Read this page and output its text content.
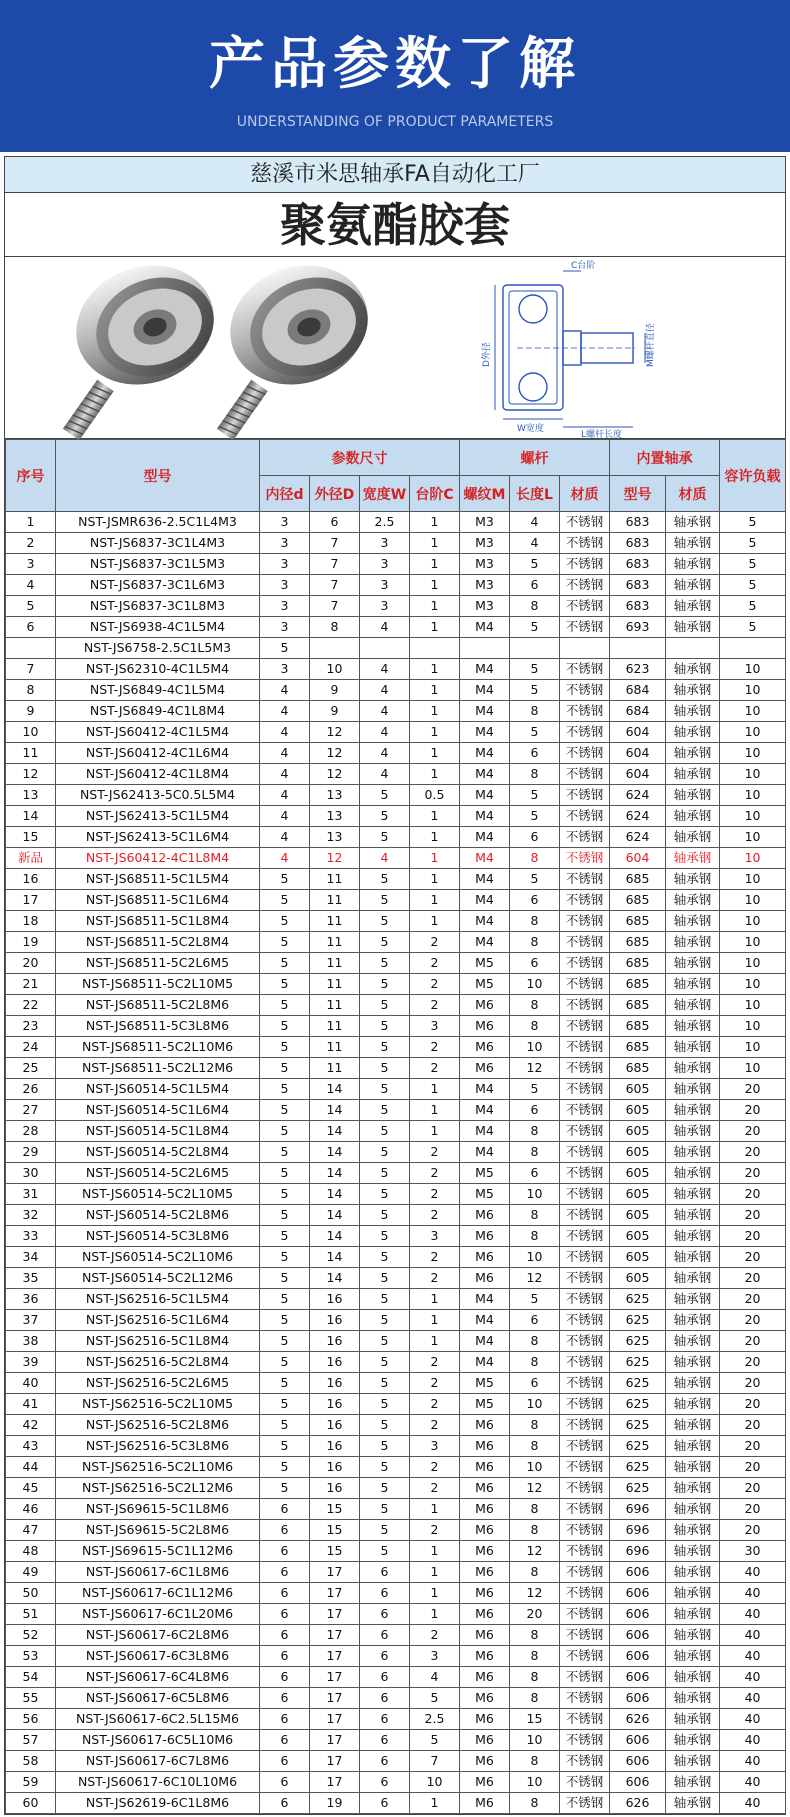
产品参数了解
UNDERSTANDING OF PRODUCT PARAMETERS
慈溪市米思轴承FA自动化工厂
聚氨酯胶套
C台阶
D外径	M螺杆直径
W宽度
L螺杆长度
序号	型号	参数尺寸				螺杆			内置轴承		容许负载
		内径d	外径D	宽度W	台阶C	螺纹M	长度L	材质	型号	材质	
1	NST-JSMR636-2.5C1L4M3	3	6	2.5	1	M3	4	不锈钢	683	轴承钢	5
2	NST-JS6837-3C1L4M3	3	7	3	1	M3	4	不锈钢	683	轴承钢	5
3	NST-JS6837-3C1L5M3	3	7	3	1	M3	5	不锈钢	683	轴承钢	5
4	NST-JS6837-3C1L6M3	3	7	3	1	M3	6	不锈钢	683	轴承钢	5
5	NST-JS6837-3C1L8M3	3	7	3	1	M3	8	不锈钢	683	轴承钢	5
6	NST-JS6938-4C1L5M4	3	8	4	1	M4	5	不锈钢	693	轴承钢	5
	NST-JS6758-2.5C1L5M3	5									
7	NST-JS62310-4C1L5M4	3	10	4	1	M4	5	不锈钢	623	轴承钢	10
8	NST-JS6849-4C1L5M4	4	9	4	1	M4	5	不锈钢	684	轴承钢	10
9	NST-JS6849-4C1L8M4	4	9	4	1	M4	8	不锈钢	684	轴承钢	10
10	NST-JS60412-4C1L5M4	4	12	4	1	M4	5	不锈钢	604	轴承钢	10
11	NST-JS60412-4C1L6M4	4	12	4	1	M4	6	不锈钢	604	轴承钢	10
12	NST-JS60412-4C1L8M4	4	12	4	1	M4	8	不锈钢	604	轴承钢	10
13	NST-JS62413-5C0.5L5M4	4	13	5	0.5	M4	5	不锈钢	624	轴承钢	10
14	NST-JS62413-5C1L5M4	4	13	5	1	M4	5	不锈钢	624	轴承钢	10
15	NST-JS62413-5C1L6M4	4	13	5	1	M4	6	不锈钢	624	轴承钢	10
新品	NST-JS60412-4C1L8M4	4	12	4	1	M4	8	不锈钢	604	轴承钢	10
16	NST-JS68511-5C1L5M4	5	11	5	1	M4	5	不锈钢	685	轴承钢	10
17	NST-JS68511-5C1L6M4	5	11	5	1	M4	6	不锈钢	685	轴承钢	10
18	NST-JS68511-5C1L8M4	5	11	5	1	M4	8	不锈钢	685	轴承钢	10
19	NST-JS68511-5C2L8M4	5	11	5	2	M4	8	不锈钢	685	轴承钢	10
20	NST-JS68511-5C2L6M5	5	11	5	2	M5	6	不锈钢	685	轴承钢	10
21	NST-JS68511-5C2L10M5	5	11	5	2	M5	10	不锈钢	685	轴承钢	10
22	NST-JS68511-5C2L8M6	5	11	5	2	M6	8	不锈钢	685	轴承钢	10
23	NST-JS68511-5C3L8M6	5	11	5	3	M6	8	不锈钢	685	轴承钢	10
24	NST-JS68511-5C2L10M6	5	11	5	2	M6	10	不锈钢	685	轴承钢	10
25	NST-JS68511-5C2L12M6	5	11	5	2	M6	12	不锈钢	685	轴承钢	10
26	NST-JS60514-5C1L5M4	5	14	5	1	M4	5	不锈钢	605	轴承钢	20
27	NST-JS60514-5C1L6M4	5	14	5	1	M4	6	不锈钢	605	轴承钢	20
28	NST-JS60514-5C1L8M4	5	14	5	1	M4	8	不锈钢	605	轴承钢	20
29	NST-JS60514-5C2L8M4	5	14	5	2	M4	8	不锈钢	605	轴承钢	20
30	NST-JS60514-5C2L6M5	5	14	5	2	M5	6	不锈钢	605	轴承钢	20
31	NST-JS60514-5C2L10M5	5	14	5	2	M5	10	不锈钢	605	轴承钢	20
32	NST-JS60514-5C2L8M6	5	14	5	2	M6	8	不锈钢	605	轴承钢	20
33	NST-JS60514-5C3L8M6	5	14	5	3	M6	8	不锈钢	605	轴承钢	20
34	NST-JS60514-5C2L10M6	5	14	5	2	M6	10	不锈钢	605	轴承钢	20
35	NST-JS60514-5C2L12M6	5	14	5	2	M6	12	不锈钢	605	轴承钢	20
36	NST-JS62516-5C1L5M4	5	16	5	1	M4	5	不锈钢	625	轴承钢	20
37	NST-JS62516-5C1L6M4	5	16	5	1	M4	6	不锈钢	625	轴承钢	20
38	NST-JS62516-5C1L8M4	5	16	5	1	M4	8	不锈钢	625	轴承钢	20
39	NST-JS62516-5C2L8M4	5	16	5	2	M4	8	不锈钢	625	轴承钢	20
40	NST-JS62516-5C2L6M5	5	16	5	2	M5	6	不锈钢	625	轴承钢	20
41	NST-JS62516-5C2L10M5	5	16	5	2	M5	10	不锈钢	625	轴承钢	20
42	NST-JS62516-5C2L8M6	5	16	5	2	M6	8	不锈钢	625	轴承钢	20
43	NST-JS62516-5C3L8M6	5	16	5	3	M6	8	不锈钢	625	轴承钢	20
44	NST-JS62516-5C2L10M6	5	16	5	2	M6	10	不锈钢	625	轴承钢	20
45	NST-JS62516-5C2L12M6	5	16	5	2	M6	12	不锈钢	625	轴承钢	20
46	NST-JS69615-5C1L8M6	6	15	5	1	M6	8	不锈钢	696	轴承钢	20
47	NST-JS69615-5C2L8M6	6	15	5	2	M6	8	不锈钢	696	轴承钢	20
48	NST-JS69615-5C1L12M6	6	15	5	1	M6	12	不锈钢	696	轴承钢	30
49	NST-JS60617-6C1L8M6	6	17	6	1	M6	8	不锈钢	606	轴承钢	40
50	NST-JS60617-6C1L12M6	6	17	6	1	M6	12	不锈钢	606	轴承钢	40
51	NST-JS60617-6C1L20M6	6	17	6	1	M6	20	不锈钢	606	轴承钢	40
52	NST-JS60617-6C2L8M6	6	17	6	2	M6	8	不锈钢	606	轴承钢	40
53	NST-JS60617-6C3L8M6	6	17	6	3	M6	8	不锈钢	606	轴承钢	40
54	NST-JS60617-6C4L8M6	6	17	6	4	M6	8	不锈钢	606	轴承钢	40
55	NST-JS60617-6C5L8M6	6	17	6	5	M6	8	不锈钢	606	轴承钢	40
56	NST-JS60617-6C2.5L15M6	6	17	6	2.5	M6	15	不锈钢	626	轴承钢	40
57	NST-JS60617-6C5L10M6	6	17	6	5	M6	10	不锈钢	606	轴承钢	40
58	NST-JS60617-6C7L8M6	6	17	6	7	M6	8	不锈钢	606	轴承钢	40
59	NST-JS60617-6C10L10M6	6	17	6	10	M6	10	不锈钢	606	轴承钢	40
60	NST-JS62619-6C1L8M6	6	19	6	1	M6	8	不锈钢	626	轴承钢	40
